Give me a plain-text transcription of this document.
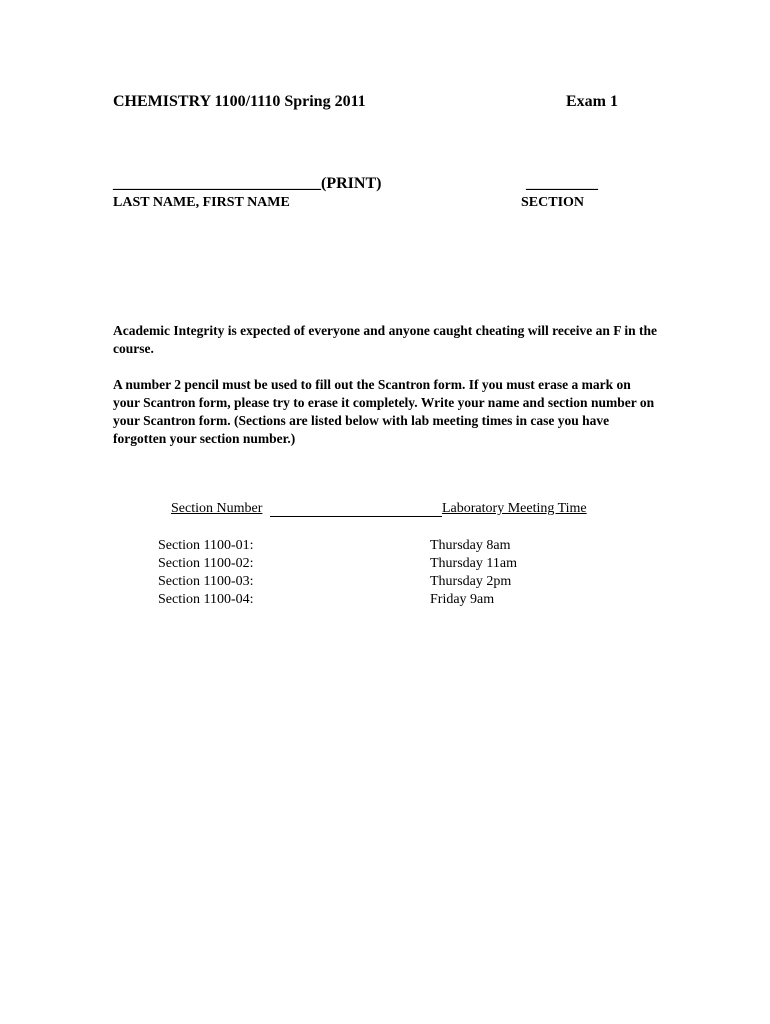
CHEMISTRY 1100/1110 Spring 2011	Exam 1
__________________________(PRINT)
LAST NAME, FIRST NAME
_________
SECTION
Academic Integrity is expected of everyone and anyone caught cheating will receive an F in the course.
A number 2 pencil must be used to fill out the Scantron form. If you must erase a mark on your Scantron form, please try to erase it completely. Write your name and section number on your Scantron form. (Sections are listed below with lab meeting times in case you have forgotten your section number.)
Section Number	Laboratory Meeting Time
Section 1100-01:
Section 1100-02:
Section 1100-03:
Section 1100-04:
Thursday 8am
Thursday 11am
Thursday 2pm
Friday 9am
